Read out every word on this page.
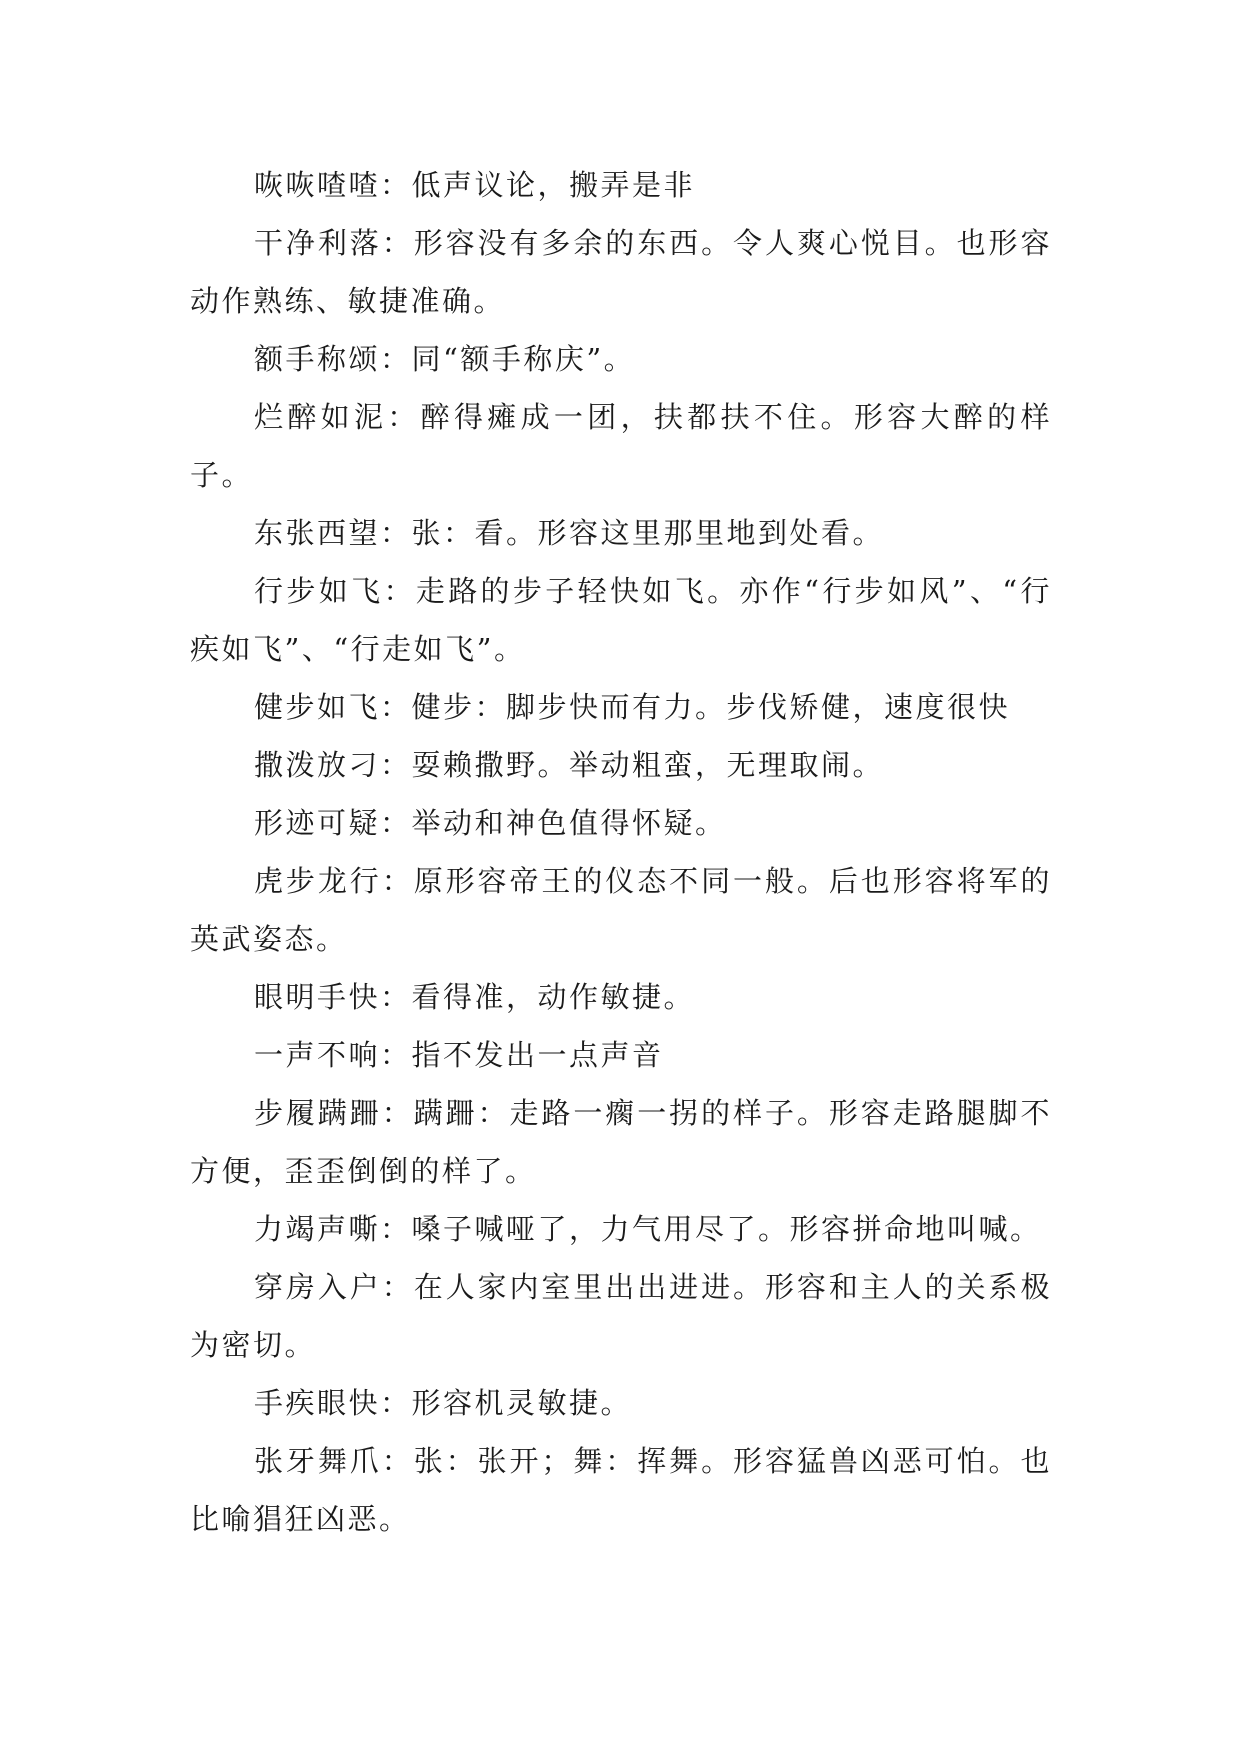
咴咴喳喳：低声议论，搬弄是非

干净利落：形容没有多余的东西。令人爽心悦目。也形容动作熟练、敏捷准确。

额手称颂：同“额手称庆”。

烂醉如泥：醉得瘫成一团，扶都扶不住。形容大醉的样子。

东张西望：张：看。形容这里那里地到处看。

行步如飞：走路的步子轻快如飞。亦作“行步如风”、“行疾如飞”、“行走如飞”。

健步如飞：健步：脚步快而有力。步伐矫健，速度很快

撒泼放刁：耍赖撒野。举动粗蛮，无理取闹。

形迹可疑：举动和神色值得怀疑。

虎步龙行：原形容帝王的仪态不同一般。后也形容将军的英武姿态。

眼明手快：看得准，动作敏捷。

一声不响：指不发出一点声音

步履蹒跚：蹒跚：走路一瘸一拐的样子。形容走路腿脚不方便，歪歪倒倒的样了。

力竭声嘶：嗓子喊哑了，力气用尽了。形容拼命地叫喊。

穿房入户：在人家内室里出出进进。形容和主人的关系极为密切。

手疾眼快：形容机灵敏捷。

张牙舞爪：张：张开；舞：挥舞。形容猛兽凶恶可怕。也比喻猖狂凶恶。
